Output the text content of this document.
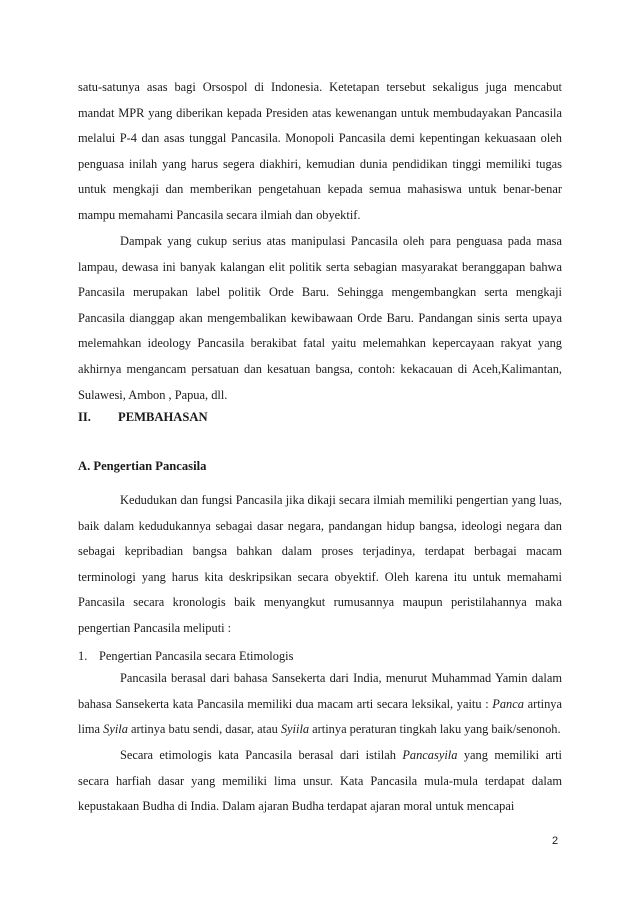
satu-satunya asas bagi Orsospol di Indonesia. Ketetapan tersebut sekaligus juga mencabut mandat MPR yang diberikan kepada Presiden atas kewenangan untuk membudayakan Pancasila melalui P-4 dan asas tunggal Pancasila. Monopoli Pancasila demi kepentingan kekuasaan oleh penguasa inilah yang harus segera diakhiri, kemudian dunia pendidikan tinggi memiliki tugas untuk mengkaji dan memberikan pengetahuan kepada semua mahasiswa untuk benar-benar mampu memahami Pancasila secara ilmiah dan obyektif.

Dampak yang cukup serius atas manipulasi Pancasila oleh para penguasa pada masa lampau, dewasa ini banyak kalangan elit politik serta sebagian masyarakat beranggapan bahwa Pancasila merupakan label politik Orde Baru. Sehingga mengembangkan serta mengkaji Pancasila dianggap akan mengembalikan kewibawaan Orde Baru. Pandangan sinis serta upaya melemahkan ideology Pancasila berakibat fatal yaitu melemahkan kepercayaan rakyat yang akhirnya mengancam persatuan dan kesatuan bangsa, contoh: kekacauan di Aceh,Kalimantan, Sulawesi, Ambon , Papua, dll.

II. PEMBAHASAN
A. Pengertian Pancasila

Kedudukan dan fungsi Pancasila jika dikaji secara ilmiah memiliki pengertian yang luas, baik dalam kedudukannya sebagai dasar negara, pandangan hidup bangsa, ideologi negara dan sebagai kepribadian bangsa bahkan dalam proses terjadinya, terdapat berbagai macam terminologi yang harus kita deskripsikan secara obyektif. Oleh karena itu untuk memahami Pancasila secara kronologis baik menyangkut rumusannya maupun peristilahannya maka pengertian Pancasila meliputi :

1. Pengertian Pancasila secara Etimologis

Pancasila berasal dari bahasa Sansekerta dari India, menurut Muhammad Yamin dalam bahasa Sansekerta kata Pancasila memiliki dua macam arti secara leksikal, yaitu : Panca artinya lima Syila artinya batu sendi, dasar, atau Syiila artinya peraturan tingkah laku yang baik/senonoh.

Secara etimologis kata Pancasila berasal dari istilah Pancasyila yang memiliki arti secara harfiah dasar yang memiliki lima unsur. Kata Pancasila mula-mula terdapat dalam kepustakaan Budha di India. Dalam ajaran Budha terdapat ajaran moral untuk mencapai

2
